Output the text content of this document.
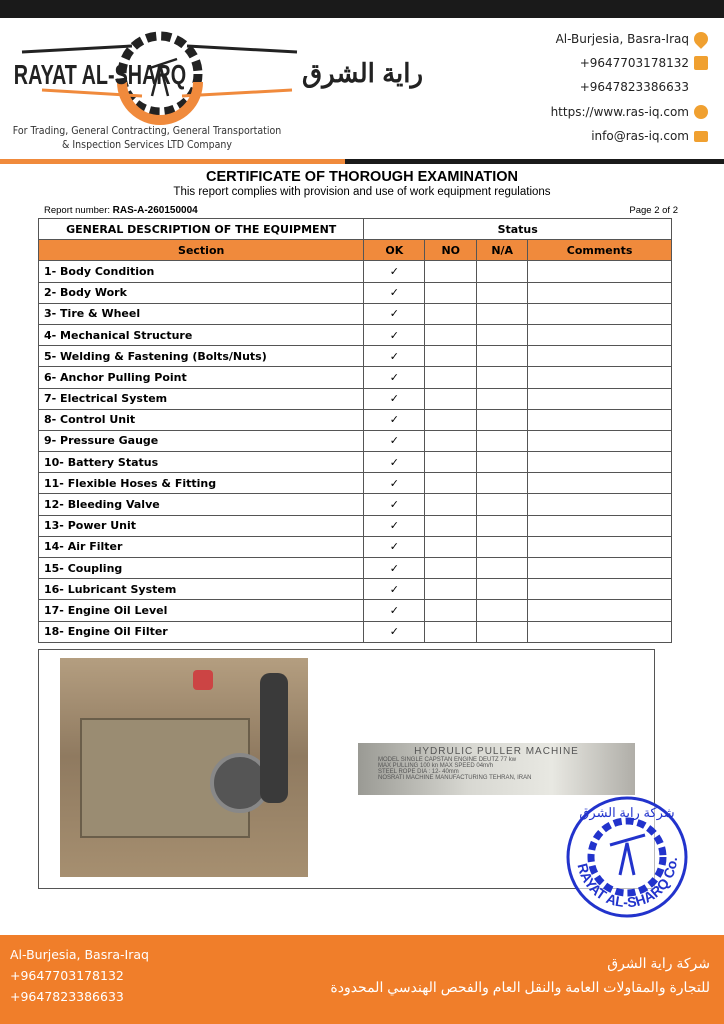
RAYAT AL-SHARQ	راية الشرق
For Trading, General Contracting, General Transportation
& Inspection Services LTD Company
Al-Burjesia, Basra-Iraq
+9647703178132
+9647823386633
https://www.ras-iq.com
info@ras-iq.com
CERTIFICATE OF THOROUGH EXAMINATION
This report complies with provision and use of work equipment regulations
Report number: RAS-A-260150004	Page 2 of 2
GENERAL DESCRIPTION OF THE EQUIPMENT	Status			
Section	OK	NO	N/A	Comments
1- Body Condition	✓			
2- Body Work	✓			
3- Tire & Wheel	✓			
4- Mechanical Structure	✓			
5- Welding & Fastening (Bolts/Nuts)	✓			
6- Anchor Pulling Point	✓			
7- Electrical System	✓			
8- Control Unit	✓			
9- Pressure Gauge	✓			
10- Battery Status	✓			
11- Flexible Hoses & Fitting	✓			
12- Bleeding Valve	✓			
13- Power Unit	✓			
14- Air Filter	✓			
15- Coupling	✓			
16- Lubricant System	✓			
17- Engine Oil Level	✓			
18- Engine Oil Filter	✓			
HYDRULIC PULLER MACHINE
MODEL SINGLE CAPSTAN ENGINE DEUTZ 77 kw
MAX PULLING 100 kn MAX SPEED 04m/h
STEEL ROPE DIA : 12- 40mm
NOSRATI MACHINE MANUFACTURING TEHRAN, IRAN
RAYAT AL-SHARQ Co.
شركة راية الشرق
Al-Burjesia, Basra-Iraq
+9647703178132
+9647823386633
شركة راية الشرق
للتجارة والمقاولات العامة والنقل العام والفحص الهندسي المحدودة
